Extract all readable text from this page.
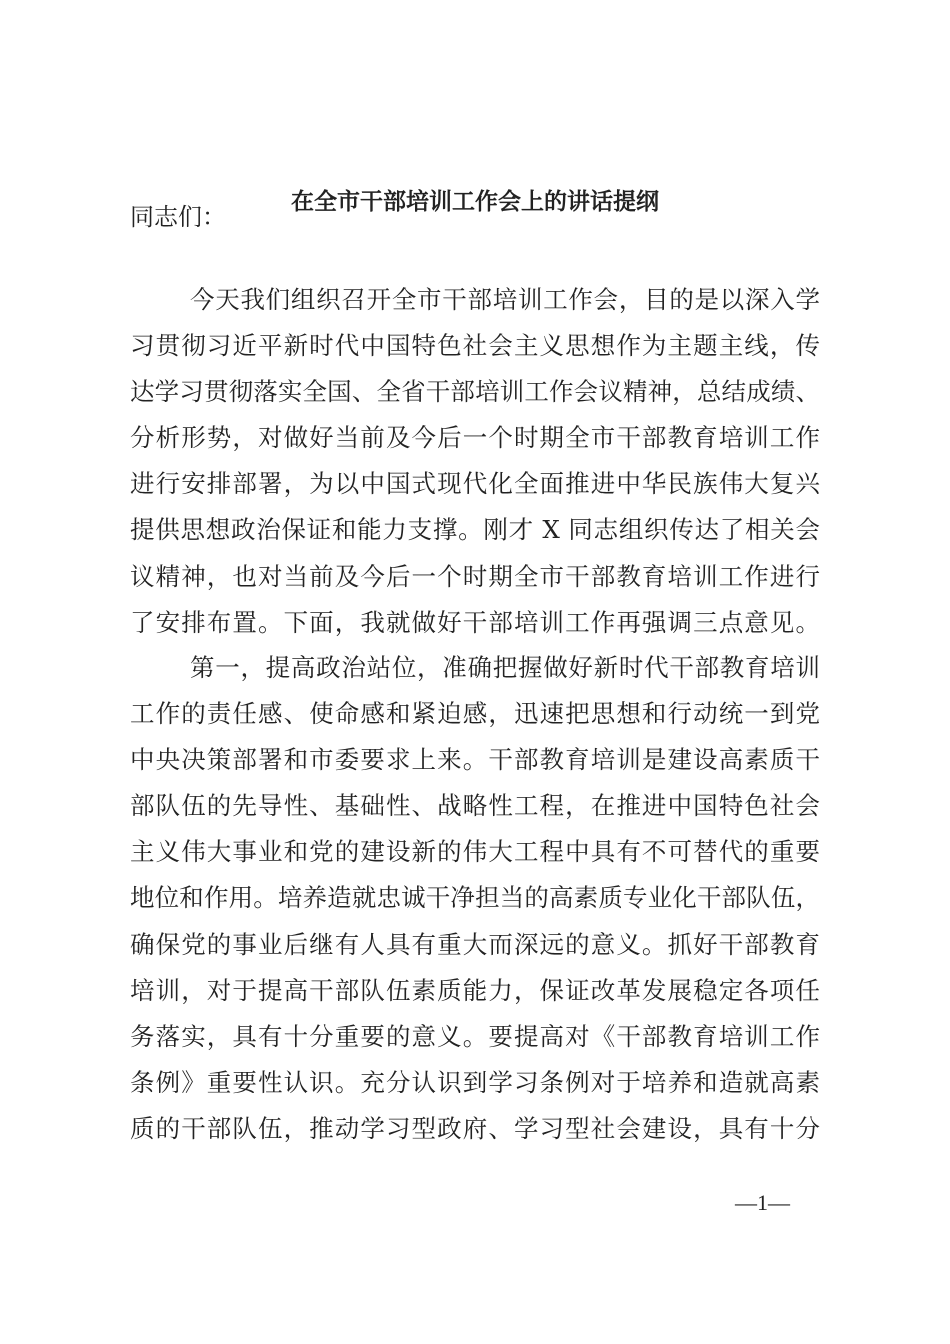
在全市干部培训工作会上的讲话提纲
同志们：
今天我们组织召开全市干部培训工作会，目的是以深入学
习贯彻习近平新时代中国特色社会主义思想作为主题主线，传
达学习贯彻落实全国、全省干部培训工作会议精神，总结成绩、
分析形势，对做好当前及今后一个时期全市干部教育培训工作
进行安排部署，为以中国式现代化全面推进中华民族伟大复兴
提供思想政治保证和能力支撑。刚才 X 同志组织传达了相关会
议精神，也对当前及今后一个时期全市干部教育培训工作进行
了安排布置。下面，我就做好干部培训工作再强调三点意见。
第一，提高政治站位，准确把握做好新时代干部教育培训
工作的责任感、使命感和紧迫感，迅速把思想和行动统一到党
中央决策部署和市委要求上来。干部教育培训是建设高素质干
部队伍的先导性、基础性、战略性工程，在推进中国特色社会
主义伟大事业和党的建设新的伟大工程中具有不可替代的重要
地位和作用。培养造就忠诚干净担当的高素质专业化干部队伍，
确保党的事业后继有人具有重大而深远的意义。抓好干部教育
培训，对于提高干部队伍素质能力，保证改革发展稳定各项任
务落实，具有十分重要的意义。要提高对《干部教育培训工作
条例》重要性认识。充分认识到学习条例对于培养和造就高素
质的干部队伍，推动学习型政府、学习型社会建设，具有十分
—1—
